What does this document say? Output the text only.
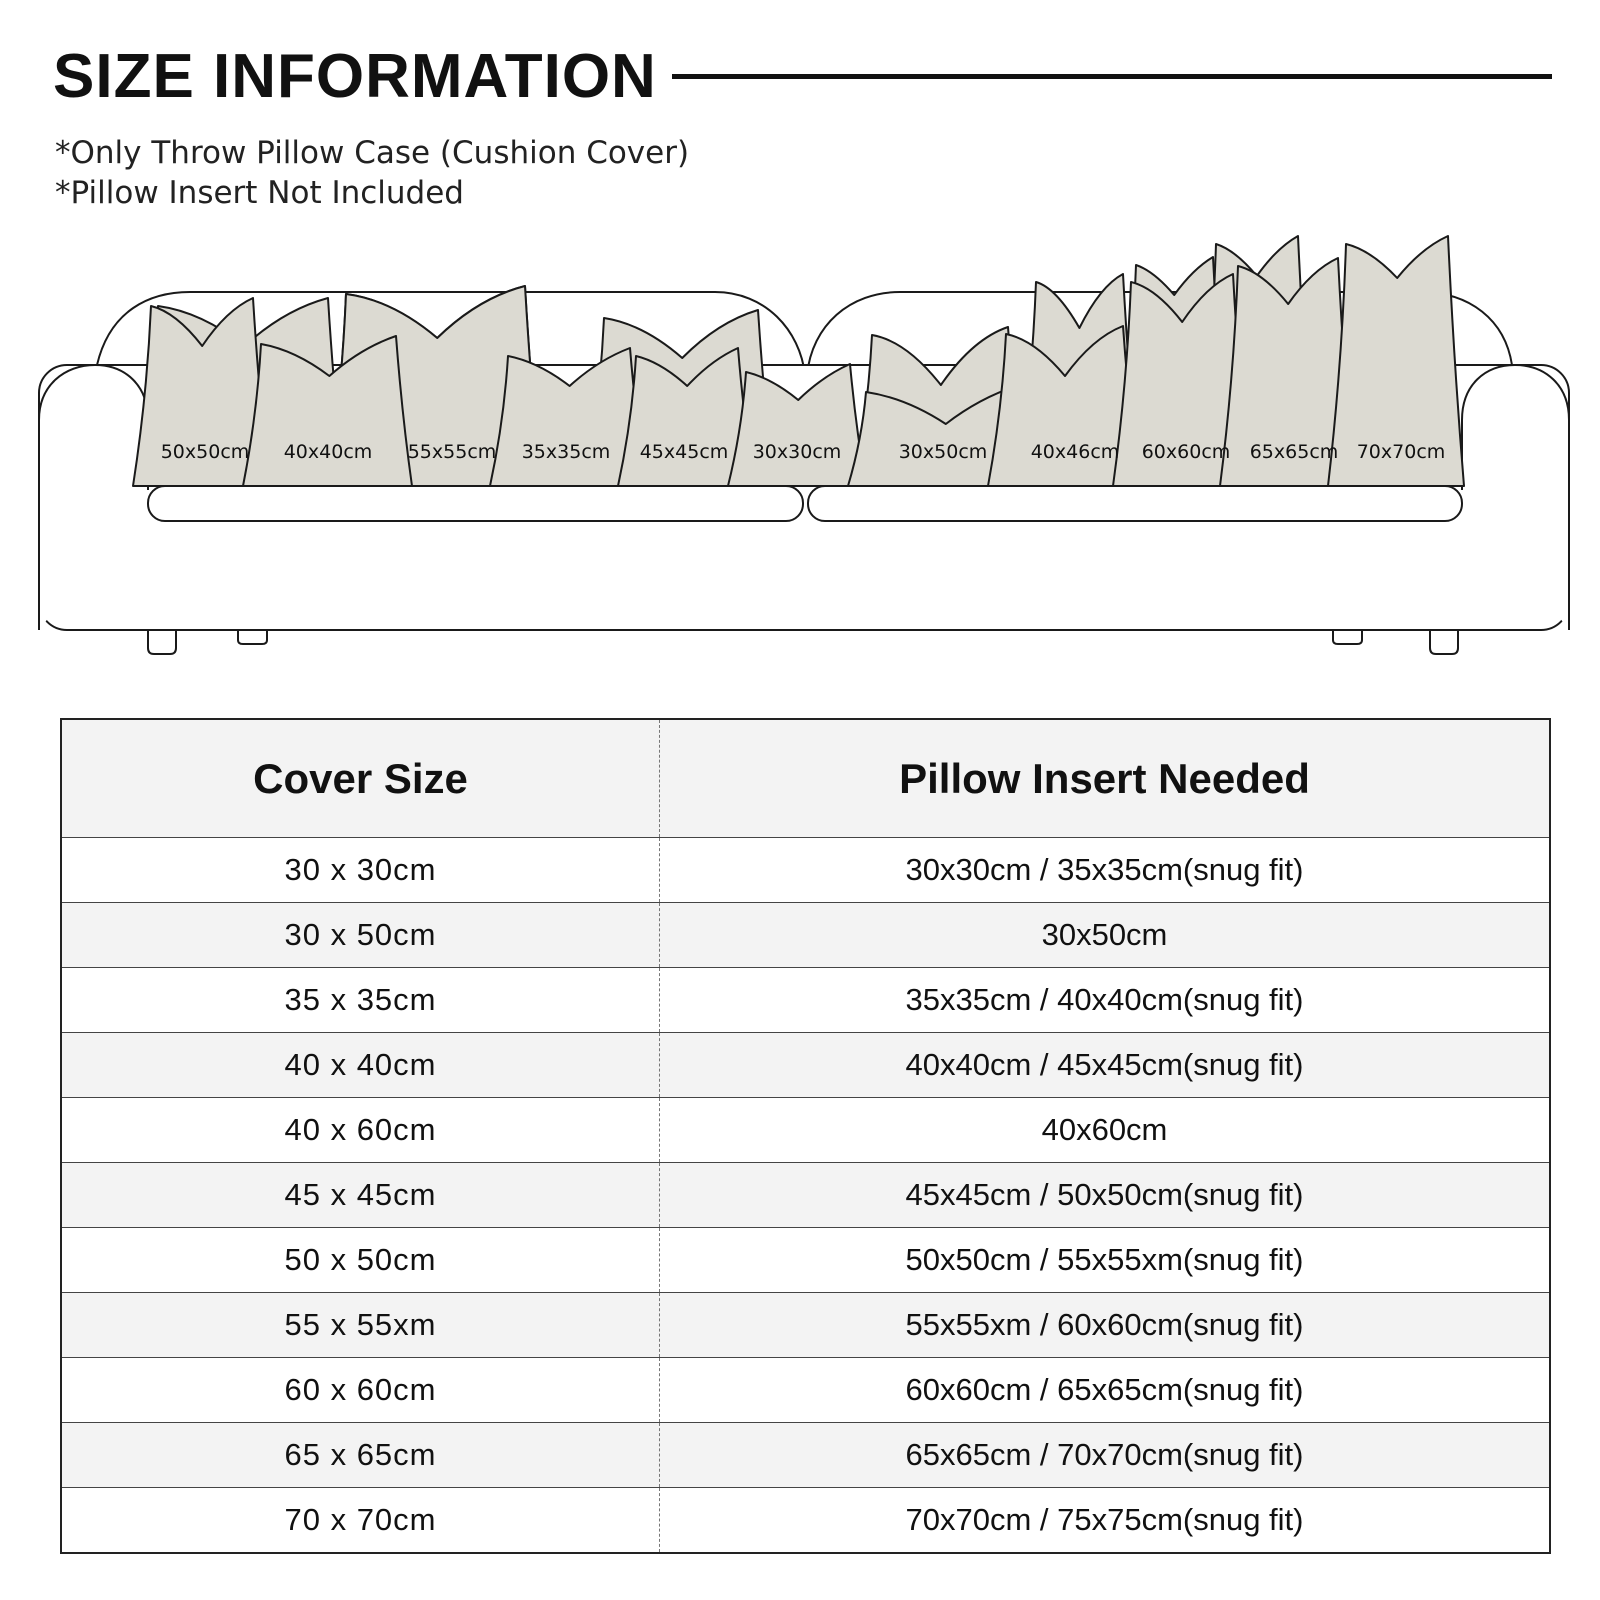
SIZE INFORMATION
*Only Throw Pillow Case (Cushion Cover)
*Pillow Insert Not Included
50x50cm 40x40cm 55x55cm 35x35cm 45x45cm 30x30cm	30x50cm 40x46cm 60x60cm 65x65cm 70x70cm
Cover Size	Pillow Insert Needed
30 x 30cm	30x30cm / 35x35cm(snug fit)
30 x 50cm	30x50cm
35 x 35cm	35x35cm / 40x40cm(snug fit)
40 x 40cm	40x40cm / 45x45cm(snug fit)
40 x 60cm	40x60cm
45 x 45cm	45x45cm / 50x50cm(snug fit)
50 x 50cm	50x50cm / 55x55xm(snug fit)
55 x 55xm	55x55xm / 60x60cm(snug fit)
60 x 60cm	60x60cm / 65x65cm(snug fit)
65 x 65cm	65x65cm / 70x70cm(snug fit)
70 x 70cm	70x70cm / 75x75cm(snug fit)
